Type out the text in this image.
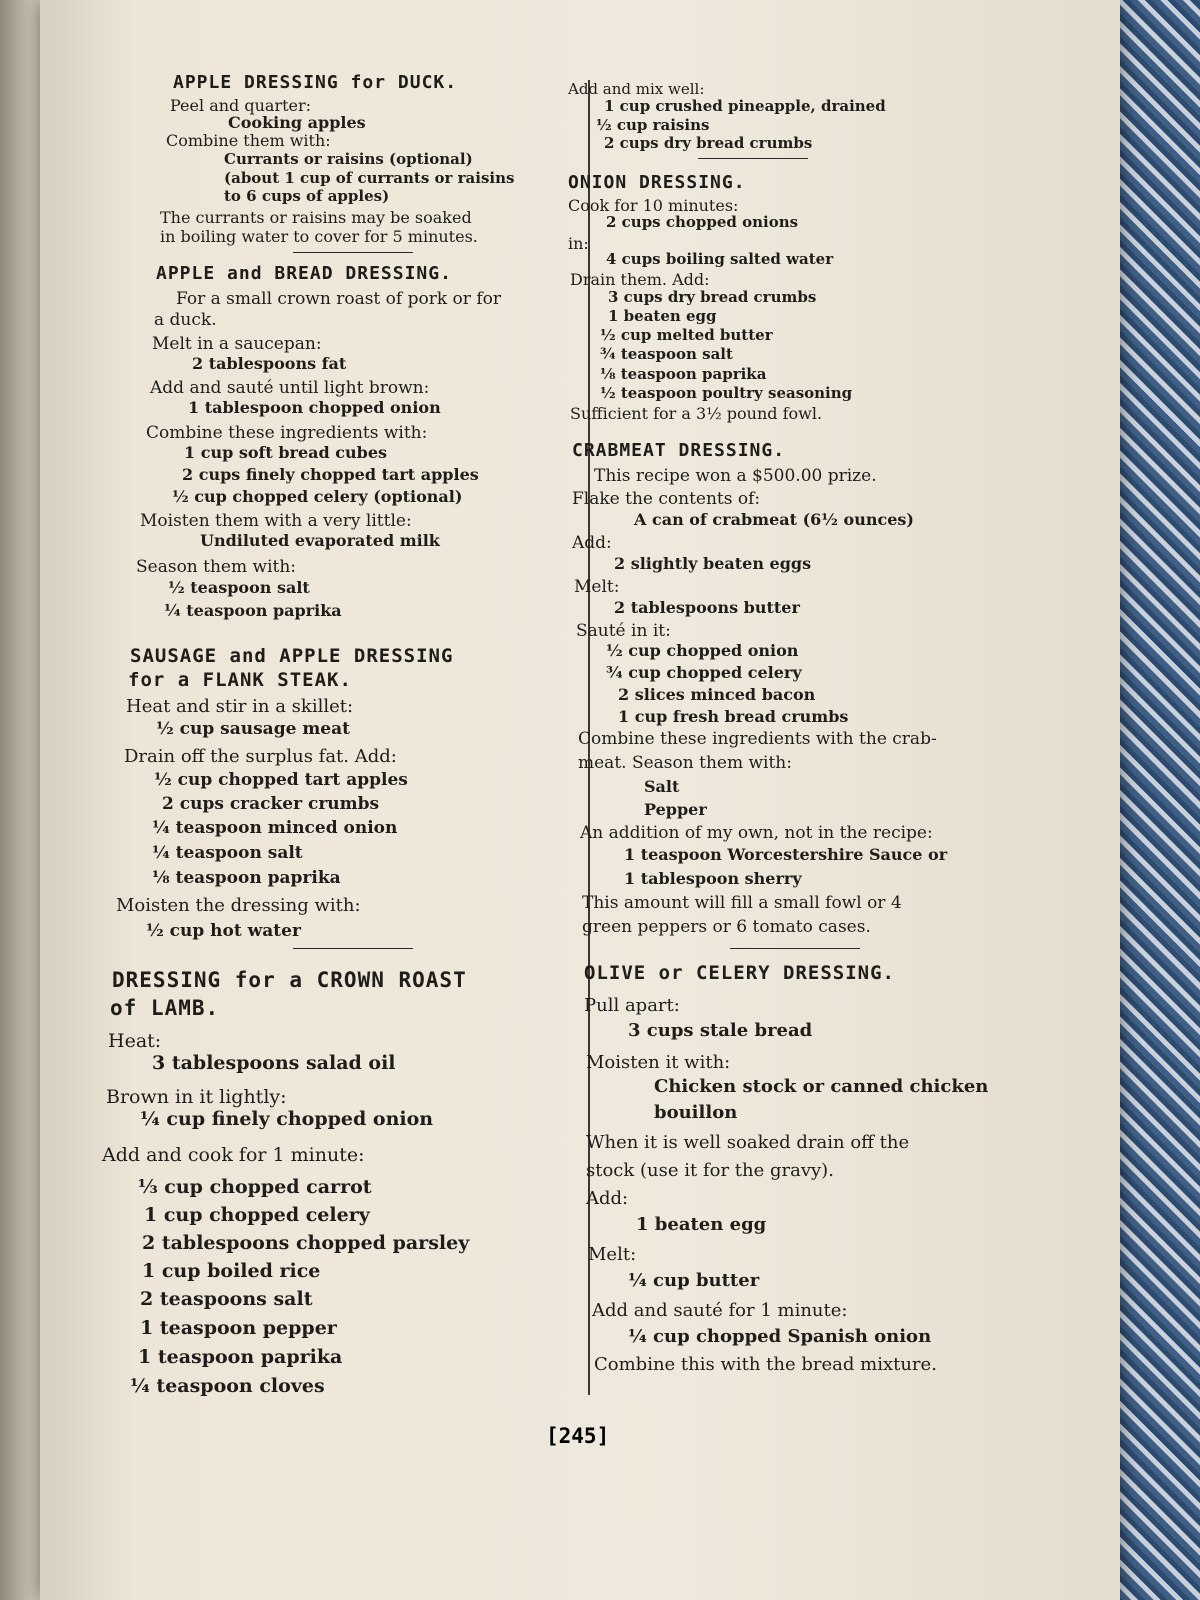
APPLE DRESSING for DUCK.
Peel and quarter:
Cooking apples
Combine them with:
Currants or raisins (optional)
(about 1 cup of currants or raisins
to 6 cups of apples)
The currants or raisins may be soaked
in boiling water to cover for 5 minutes.
APPLE and BREAD DRESSING.
For a small crown roast of pork or for
a duck.
Melt in a saucepan:
2 tablespoons fat
Add and sauté until light brown:
1 tablespoon chopped onion
Combine these ingredients with:
1 cup soft bread cubes
2 cups finely chopped tart apples
½ cup chopped celery (optional)
Moisten them with a very little:
Undiluted evaporated milk
Season them with:
½ teaspoon salt
¼ teaspoon paprika
SAUSAGE and APPLE DRESSING
for a FLANK STEAK.
Heat and stir in a skillet:
½ cup sausage meat
Drain off the surplus fat. Add:
½ cup chopped tart apples
2 cups cracker crumbs
¼ teaspoon minced onion
¼ teaspoon salt
⅛ teaspoon paprika
Moisten the dressing with:
½ cup hot water
DRESSING for a CROWN ROAST
of LAMB.
Heat:
3 tablespoons salad oil
Brown in it lightly:
¼ cup finely chopped onion
Add and cook for 1 minute:
⅓ cup chopped carrot
1 cup chopped celery
2 tablespoons chopped parsley
1 cup boiled rice
2 teaspoons salt
1 teaspoon pepper
1 teaspoon paprika
¼ teaspoon cloves
Add and mix well:
1 cup crushed pineapple, drained
½ cup raisins
2 cups dry bread crumbs
ONION DRESSING.
Cook for 10 minutes:
2 cups chopped onions
in:
4 cups boiling salted water
Drain them. Add:
3 cups dry bread crumbs
1 beaten egg
½ cup melted butter
¾ teaspoon salt
⅛ teaspoon paprika
½ teaspoon poultry seasoning
Sufficient for a 3½ pound fowl.
CRABMEAT DRESSING.
This recipe won a $500.00 prize.
Flake the contents of:
A can of crabmeat (6½ ounces)
Add:
2 slightly beaten eggs
Melt:
2 tablespoons butter
Sauté in it:
½ cup chopped onion
¾ cup chopped celery
2 slices minced bacon
1 cup fresh bread crumbs
Combine these ingredients with the crab-
meat. Season them with:
Salt
Pepper
An addition of my own, not in the recipe:
1 teaspoon Worcestershire Sauce or
1 tablespoon sherry
This amount will fill a small fowl or 4
green peppers or 6 tomato cases.
OLIVE or CELERY DRESSING.
Pull apart:
3 cups stale bread
Moisten it with:
Chicken stock or canned chicken
bouillon
When it is well soaked drain off the
stock (use it for the gravy).
Add:
1 beaten egg
Melt:
¼ cup butter
Add and sauté for 1 minute:
¼ cup chopped Spanish onion
Combine this with the bread mixture.
[245]
